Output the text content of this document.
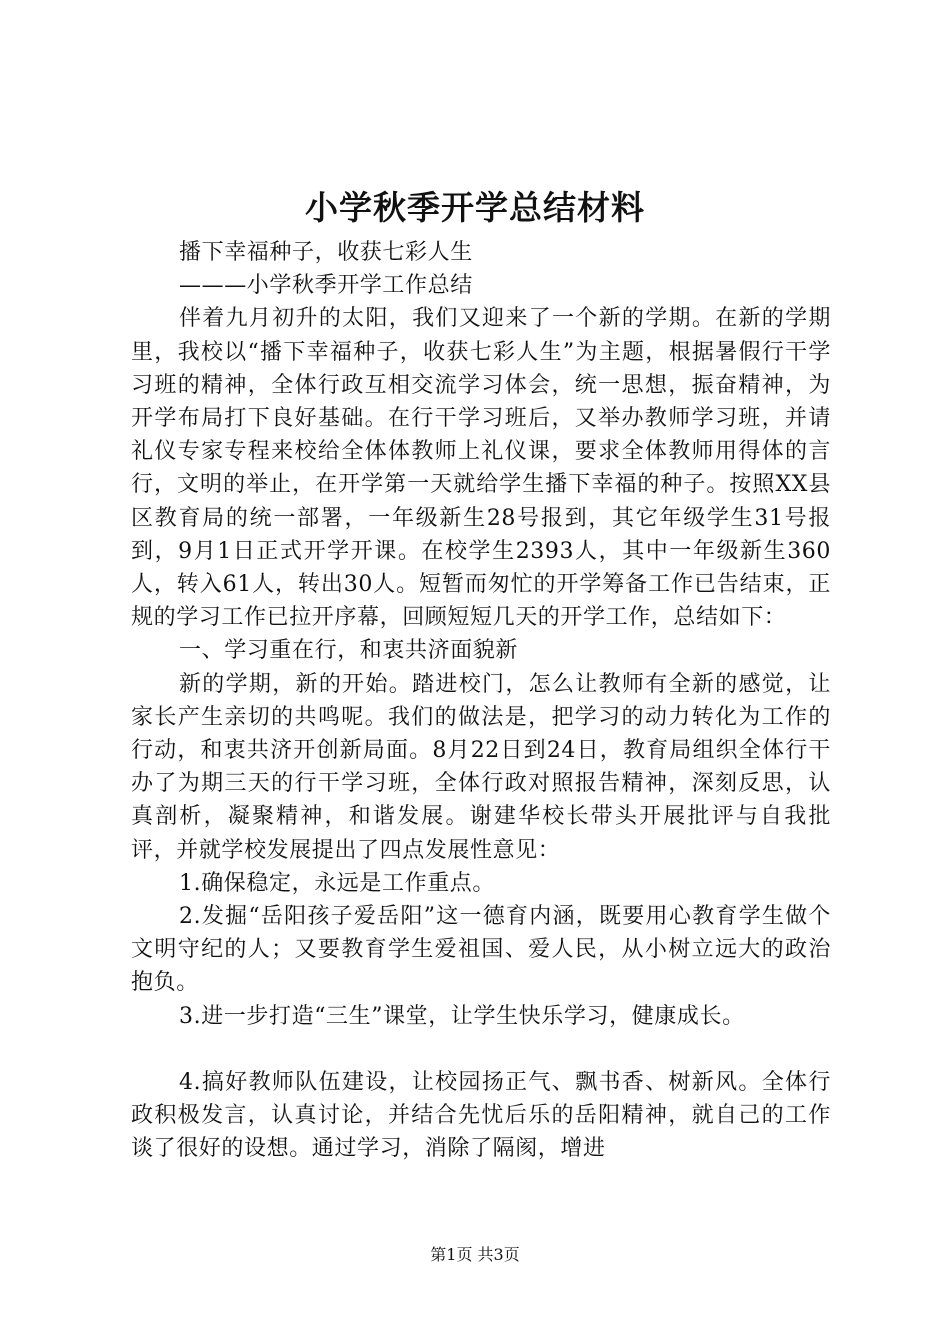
小学秋季开学总结材料

播下幸福种子，收获七彩人生

———小学秋季开学工作总结

伴着九月初升的太阳，我们又迎来了一个新的学期。在新的学期里，我校以“播下幸福种子，收获七彩人生”为主题，根据暑假行干学习班的精神，全体行政互相交流学习体会，统一思想，振奋精神，为开学布局打下良好基础。在行干学习班后，又举办教师学习班，并请礼仪专家专程来校给全体体教师上礼仪课，要求全体教师用得体的言行，文明的举止，在开学第一天就给学生播下幸福的种子。按照XX县区教育局的统一部署，一年级新生28号报到，其它年级学生31号报到，9月1日正式开学开课。在校学生2393人，其中一年级新生360人，转入61人，转出30人。短暂而匆忙的开学筹备工作已告结束，正规的学习工作已拉开序幕，回顾短短几天的开学工作，总结如下：

一、学习重在行，和衷共济面貌新

新的学期，新的开始。踏进校门，怎么让教师有全新的感觉，让家长产生亲切的共鸣呢。我们的做法是，把学习的动力转化为工作的行动，和衷共济开创新局面。8月22日到24日，教育局组织全体行干办了为期三天的行干学习班，全体行政对照报告精神，深刻反思，认真剖析，凝聚精神，和谐发展。谢建华校长带头开展批评与自我批评，并就学校发展提出了四点发展性意见：

1.确保稳定，永远是工作重点。

2.发掘“岳阳孩子爱岳阳”这一德育内涵，既要用心教育学生做个文明守纪的人；又要教育学生爱祖国、爱人民，从小树立远大的政治抱负。

3.进一步打造“三生”课堂，让学生快乐学习，健康成长。

4.搞好教师队伍建设，让校园扬正气、飘书香、树新风。全体行政积极发言，认真讨论，并结合先忧后乐的岳阳精神，就自己的工作谈了很好的设想。通过学习，消除了隔阂，增进

第1页 共3页
